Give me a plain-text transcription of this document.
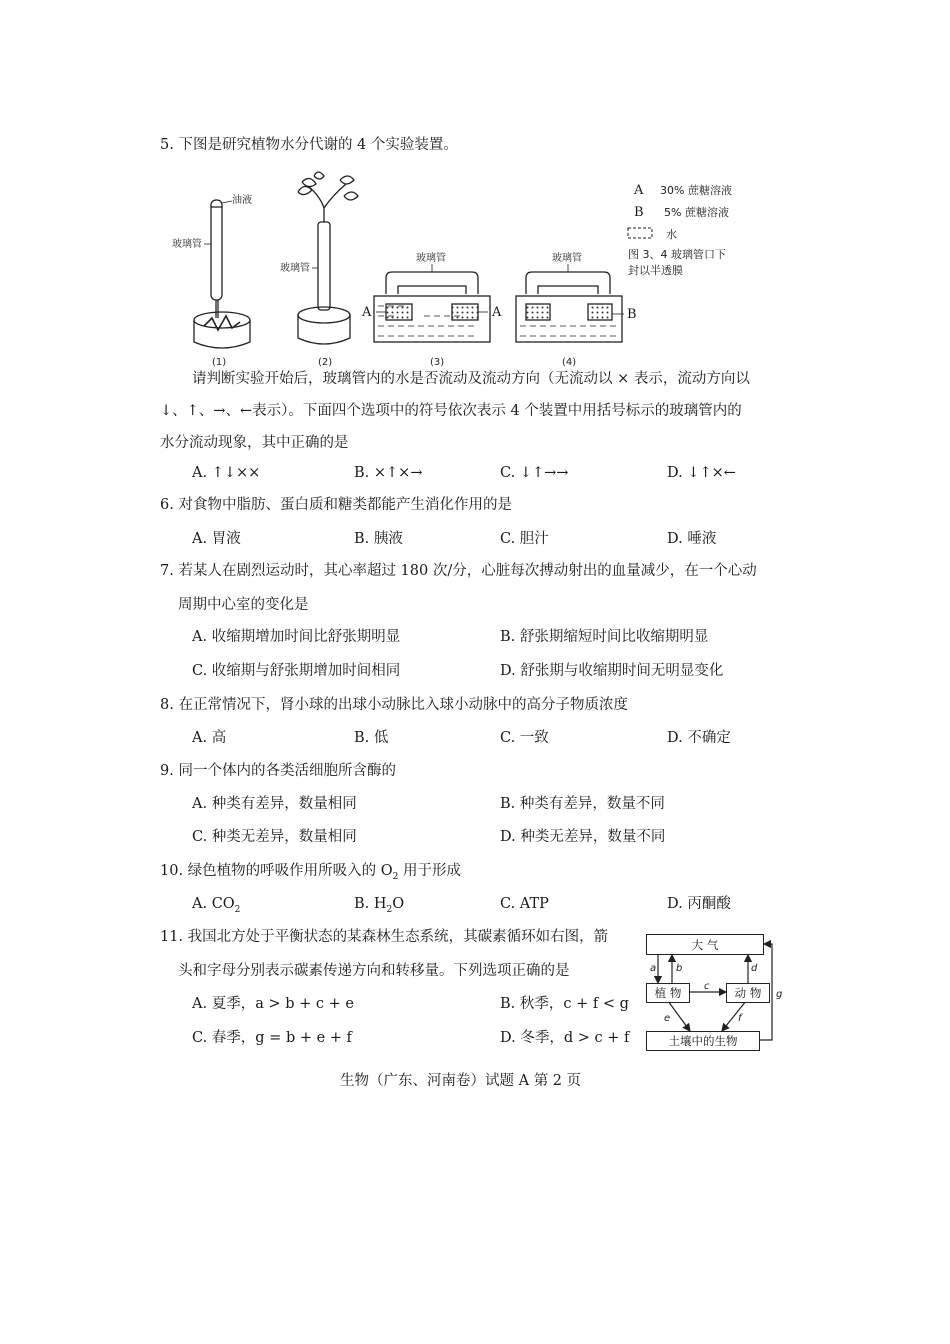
5. 下图是研究植物水分代谢的 4 个实验装置。
油液
玻璃管
玻璃管
玻璃管	玻璃管
A	A	B
(1)	(2)	(3)	(4)
A 30% 蔗糖溶液
B 5% 蔗糖溶液
水
图 3、4 玻璃管口下
封以半透膜
请判断实验开始后，玻璃管内的水是否流动及流动方向（无流动以 × 表示，流动方向以
↓、↑、→、←表示）。下面四个选项中的符号依次表示 4 个装置中用括号标示的玻璃管内的
水分流动现象，其中正确的是
A. ↑↓××	B. ×↑×→	C. ↓↑→→	D. ↓↑×←
6. 对食物中脂肪、蛋白质和糖类都能产生消化作用的是
A. 胃液	B. 胰液	C. 胆汁	D. 唾液
7. 若某人在剧烈运动时，其心率超过 180 次/分，心脏每次搏动射出的血量减少，在一个心动
周期中心室的变化是
A. 收缩期增加时间比舒张期明显	B. 舒张期缩短时间比收缩期明显
C. 收缩期与舒张期增加时间相同	D. 舒张期与收缩期时间无明显变化
8. 在正常情况下，肾小球的出球小动脉比入球小动脉中的高分子物质浓度
A. 高	B. 低	C. 一致	D. 不确定
9. 同一个体内的各类活细胞所含酶的
A. 种类有差异，数量相同	B. 种类有差异，数量不同
C. 种类无差异，数量相同	D. 种类无差异，数量不同
10. 绿色植物的呼吸作用所吸入的 $O_2$ 用于形成
A. $CO_2$	B. $H_2O$	C. ATP	D. 丙酮酸
11. 我国北方处于平衡状态的某森林生态系统，其碳素循环如右图，箭
头和字母分别表示碳素传递方向和转移量。下列选项正确的是
A. 夏季，a > b + c + e	B. 秋季，c + f < g
C. 春季，g = b + e + f	D. 冬季，d > c + f
大 气
植 物	动 物
土壤中的生物
a b
c
d
e	f
g
生物（广东、河南卷）试题 A 第 2 页
